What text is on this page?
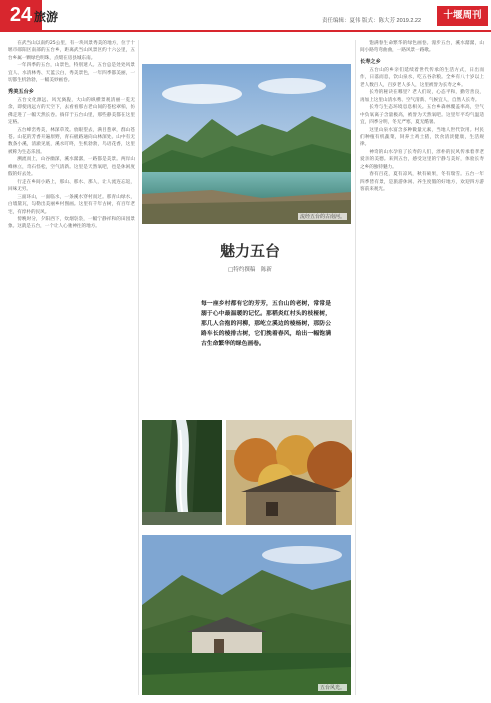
24 旅游	责任编辑：夏伟 版式：陈大芳 2019.2.22	十堰周刊

在武当山以南约25公里，有一块风景秀美的地方，位于十堰市郧阳区南部的五台乡，距离武当山风景区约十六公里，五台乡属一颗绿色明珠，点缀在房县城东南。

一年四季的五台，山景色，特别迷人。五台总是处处风景宜人、水清林秀、天蓝云白，秀美景色，一年四季都美丽，一切都生机勃勃，一幅美妙画卷。

秀美五台乡

五台文化源远、风光旖旎，大山的纵横景观清丽一览无余，即使再远方的天空下，去看看那古老山间的苍松翠柏，仿佛走进了一幅天然长卷。徜徉于五台山里，那些静美都在这里定格。

五台峰峦秀美，林深草茂。放眼望去，满目葱翠，群山苍苍。山花的芳香开遍原野，青石板路通向山林深处。山中有无数条小溪，清澈见底，溪水叮咚，生机勃勃，鸟语花香，这里被称为生态乐园。

溯流而上，山谷幽深，溪水潺潺，一路都是美景。两岸山峰林立，奇石怪松，空气清新。这里是天然氧吧，也是休闲度假的好去处。

行走在乡间小路上，那山、那水、那人，让人流连忘返，回味无穷。

三面环山，一面临水，一条溪水穿村而过。那青山绿水，白墙黛瓦，勾勒出美丽乡村图画。这里有千年古树，有百年老宅，有淳朴的民风。

傍晚时分，夕阳西下，炊烟袅袅，一幅宁静祥和的田园景象。这就是五台，一个让人心驰神往的地方。

流经五台的古南河。
魅力五台
□特约撰稿　陈新
每一座乡村都有它的芳芳，五台山的老树，常常是溺于心中最温暖的记忆。那稻炎红村头的枝桠树，那几人合抱的河柳，那屹立溪边的棱杨树，那防公路车长的棱排古树，它们挽着春风，给出一幅饱满古生命繁华的绿色画卷。
五台风光。

饱满春生命繁华的绿色画卷。漫步五台，溪水潺潺，山间小路弯弯曲曲，一路风景一路歌。

长寿之乡

五台山的乡亲们延续着世代传承的生活方式，日出而作，日落而息，饮山泉水，吃五谷杂粮。全乡有八十岁以上老人数百人，百岁老人多人，这里被誉为长寿之乡。

长寿的秘诀在哪里？老人们说，心态平和，勤劳善良，再加上这里山清水秀、空气清新、气候宜人，自然人长寿。

长寿与生态环境息息相关。五台乡森林覆盖率高，空气中负氧离子含量极高，被誉为天然氧吧。这里年平均气温适宜，四季分明，冬无严寒，夏无酷暑。

这里山泉水富含多种微量元素，当地人世代饮用。村民们种植有机蔬菜，饲养土鸡土猪，饮食清淡健康，生活规律。

神奇的山水孕育了长寿的人们，淳朴的民风传承着孝老爱亲的美德。来到五台，感受这里的宁静与美好，体验长寿之乡的独特魅力。

春有百花，夏有凉风，秋有硕果，冬有瑞雪。五台一年四季皆有景，是旅游休闲、养生度假的好地方，欢迎四方游客前来观光。
